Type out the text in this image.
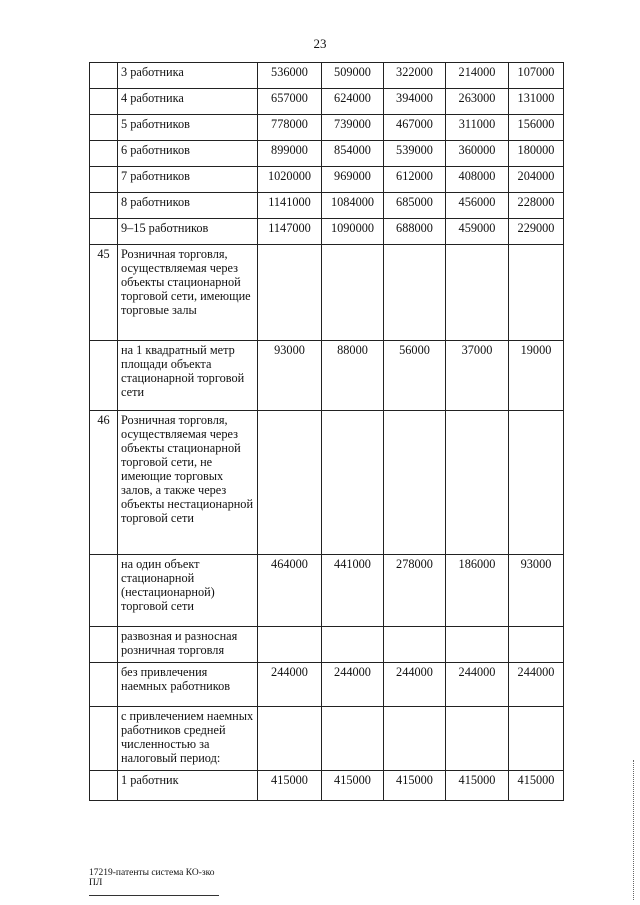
23
	3 работника	536000	509000	322000	214000	107000
	4 работника	657000	624000	394000	263000	131000
	5 работников	778000	739000	467000	311000	156000
	6 работников	899000	854000	539000	360000	180000
	7 работников	1020000	969000	612000	408000	204000
	8 работников	1141000	1084000	685000	456000	228000
	9–15 работников	1147000	1090000	688000	459000	229000
45	Розничная торговля, осуществляемая через объекты стационарной торговой сети, имеющие торговые залы					
	на 1 квадратный метр площади объекта стационарной торговой сети	93000	88000	56000	37000	19000
46	Розничная торговля, осуществляемая через объекты стационарной торговой сети, не имеющие торговых залов, а также через объекты нестационарной торговой сети					
	на один объект стационарной (нестационарной) торговой сети	464000	441000	278000	186000	93000
	развозная и разносная розничная торговля					
	без привлечения наемных работников	244000	244000	244000	244000	244000
	с привлечением наемных работников средней численностью за налоговый период:					
	1 работник	415000	415000	415000	415000	415000
17219-патенты система КО-зко
ПЛ
